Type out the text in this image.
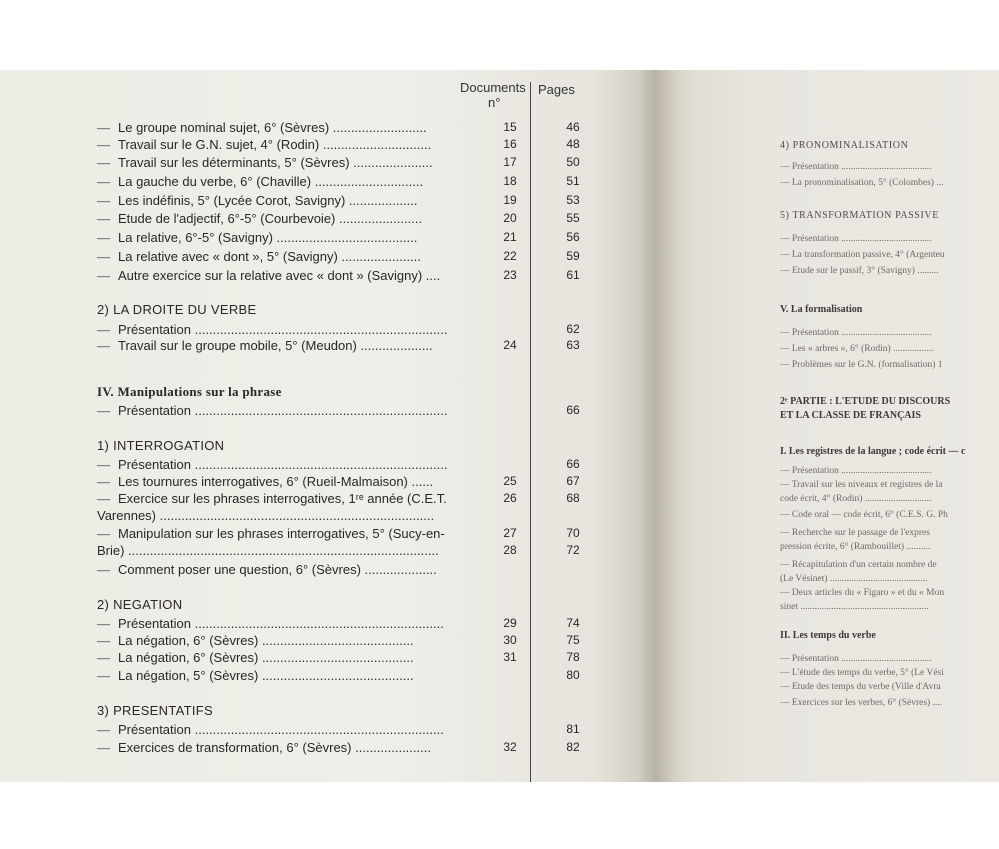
Documents
n°
Pages
— Le groupe nominal sujet, 6° (Sèvres) ..........................	15	46
— Travail sur le G.N. sujet, 4° (Rodin) ..............................	16	48
— Travail sur les déterminants, 5° (Sèvres) ......................	17	50
— La gauche du verbe, 6° (Chaville) ..............................	18	51
— Les indéfinis, 5° (Lycée Corot, Savigny) ...................	19	53
— Etude de l'adjectif, 6°-5° (Courbevoie) .......................	20	55
— La relative, 6°-5° (Savigny) .......................................	21	56
— La relative avec « dont », 5° (Savigny) ......................	22	59
— Autre exercice sur la relative avec « dont » (Savigny) ....	23	61
2) LA DROITE DU VERBE
— Présentation ......................................................................	62
— Travail sur le groupe mobile, 5° (Meudon) ....................	24	63
IV. Manipulations sur la phrase
— Présentation ......................................................................	66
1) INTERROGATION
— Présentation ......................................................................	66
— Les tournures interrogatives, 6° (Rueil-Malmaison) ......	25	67
— Exercice sur les phrases interrogatives, 1ʳᵉ année (C.E.T.	26	68
Varennes) ............................................................................
— Manipulation sur les phrases interrogatives, 5° (Sucy-en-	27	70
Brie) ......................................................................................	28	72
— Comment poser une question, 6° (Sèvres) ....................
2) NEGATION
— Présentation .....................................................................	29	74
— La négation, 6° (Sèvres) ..........................................	30	75
— La négation, 6° (Sèvres) ..........................................	31	78
— La négation, 5° (Sèvres) ..........................................	80
3) PRESENTATIFS
— Présentation .....................................................................	81
— Exercices de transformation, 6° (Sèvres) .....................	32	82
4) PRONOMINALISATION
— Présentation ......................................
— La pronominalisation, 5° (Colombes) ...
5) TRANSFORMATION PASSIVE
— Présentation ......................................
— La transformation passive, 4° (Argenteu
— Etude sur le passif, 3° (Savigny) .........
V. La formalisation
— Présentation ......................................
— Les « arbres », 6° (Rodin) .................
— Problèmes sur le G.N. (formalisation) 1
2ᵉ PARTIE : L'ETUDE DU DISCOURS
ET LA CLASSE DE FRANÇAIS
I. Les registres de la langue ; code écrit — c
— Présentation ......................................
— Travail sur les niveaux et registres de la
code écrit, 4° (Rodin) ............................
— Code oral — code écrit, 6° (C.E.S. G. Ph
— Recherche sur le passage de l'expres
pression écrite, 6° (Rambouillet) ..........
— Récapitulation d'un certain nombre de
(Le Vésinet) .........................................
— Deux articles du « Figaro » et du « Mon
sinet ......................................................
II. Les temps du verbe
— Présentation ......................................
— L'étude des temps du verbe, 5° (Le Vési
— Etude des temps du verbe (Ville d'Avra
— Exercices sur les verbes, 6° (Sèvres) ....
